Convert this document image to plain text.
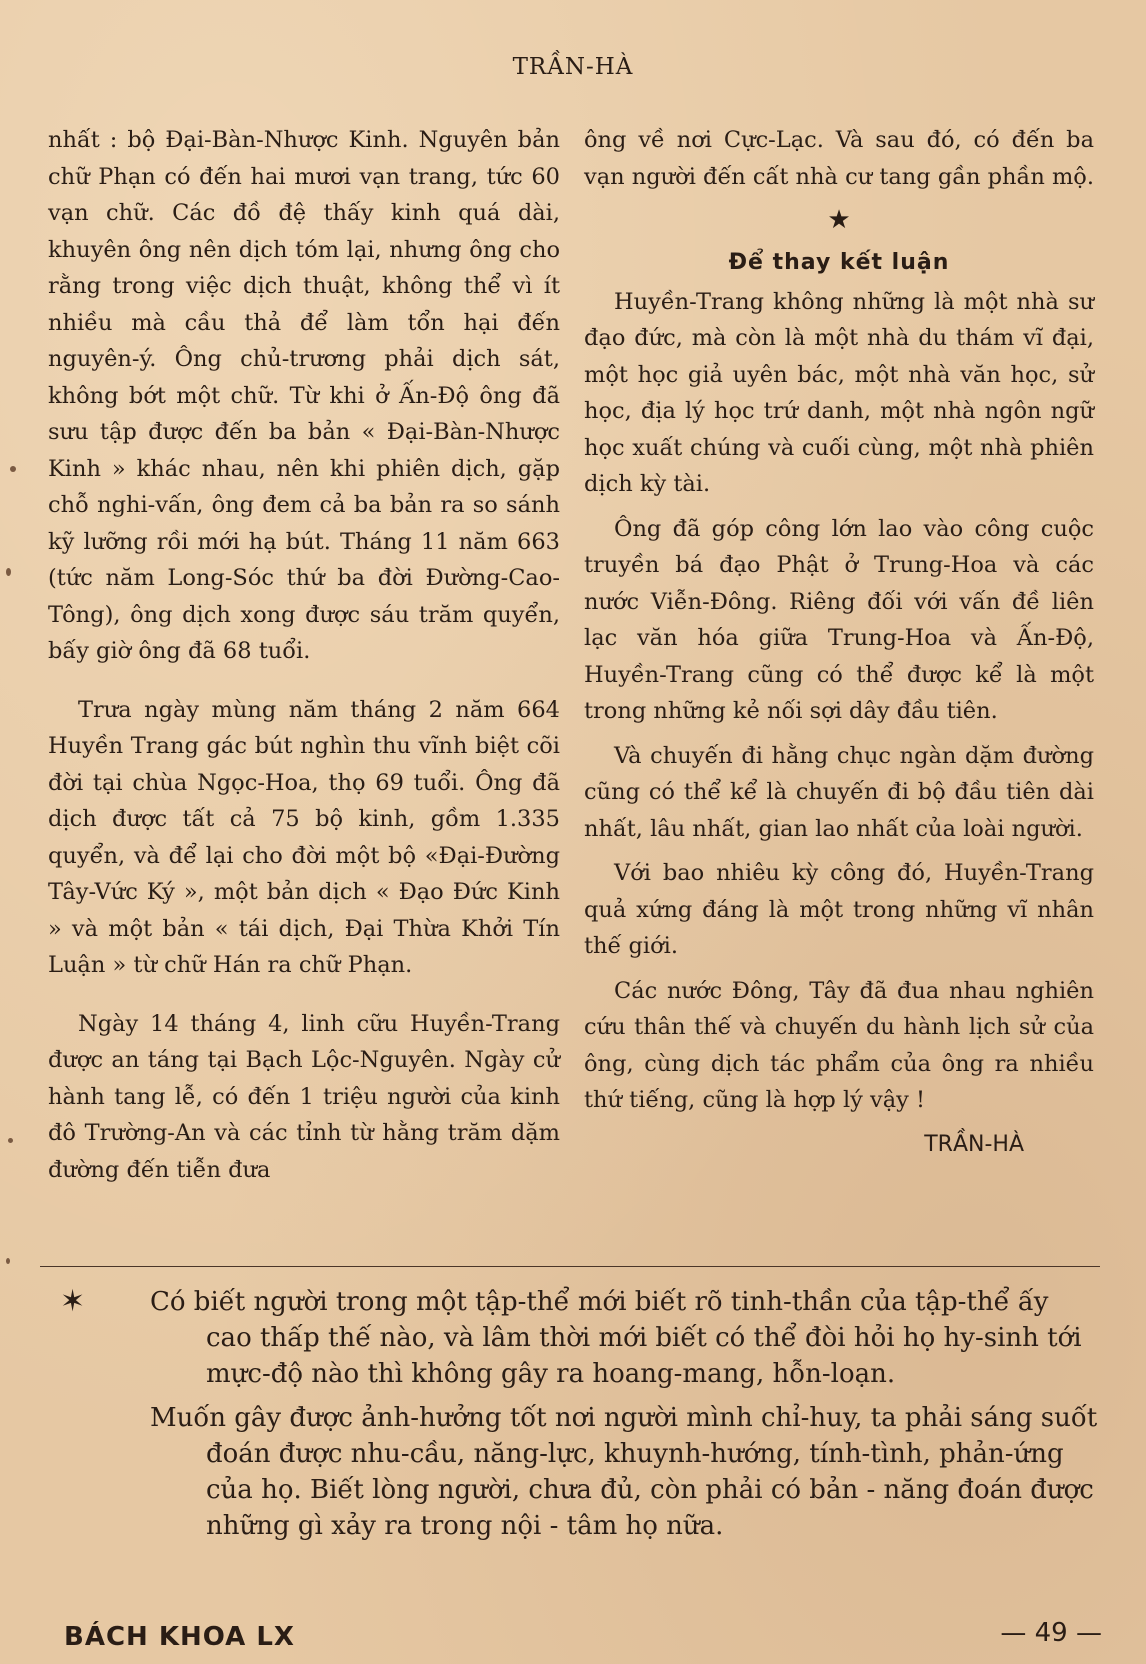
TRẦN-HÀ

nhất : bộ Đại-Bàn-Nhược Kinh. Nguyên bản chữ Phạn có đến hai mươi vạn trang, tức 60 vạn chữ. Các đồ đệ thấy kinh quá dài, khuyên ông nên dịch tóm lại, nhưng ông cho rằng trong việc dịch thuật, không thể vì ít nhiều mà cầu thả để làm tổn hại đến nguyên-ý. Ông chủ-trương phải dịch sát, không bớt một chữ. Từ khi ở Ấn-Độ ông đã sưu tập được đến ba bản « Đại-Bàn-Nhược Kinh » khác nhau, nên khi phiên dịch, gặp chỗ nghi-vấn, ông đem cả ba bản ra so sánh kỹ lưỡng rồi mới hạ bút. Tháng 11 năm 663 (tức năm Long-Sóc thứ ba đời Đường-Cao-Tông), ông dịch xong được sáu trăm quyển, bấy giờ ông đã 68 tuổi.

Trưa ngày mùng năm tháng 2 năm 664 Huyền Trang gác bút nghìn thu vĩnh biệt cõi đời tại chùa Ngọc-Hoa, thọ 69 tuổi. Ông đã dịch được tất cả 75 bộ kinh, gồm 1.335 quyển, và để lại cho đời một bộ «Đại-Đường Tây-Vức Ký », một bản dịch « Đạo Đức Kinh » và một bản « tái dịch, Đại Thừa Khởi Tín Luận » từ chữ Hán ra chữ Phạn.

Ngày 14 tháng 4, linh cữu Huyền-Trang được an táng tại Bạch Lộc-Nguyên. Ngày cử hành tang lễ, có đến 1 triệu người của kinh đô Trường-An và các tỉnh từ hằng trăm dặm đường đến tiễn đưa

ông về nơi Cực-Lạc. Và sau đó, có đến ba vạn người đến cất nhà cư tang gần phần mộ.

★

Để thay kết luận

Huyền-Trang không những là một nhà sư đạo đức, mà còn là một nhà du thám vĩ đại, một học giả uyên bác, một nhà văn học, sử học, địa lý học trứ danh, một nhà ngôn ngữ học xuất chúng và cuối cùng, một nhà phiên dịch kỳ tài.

Ông đã góp công lớn lao vào công cuộc truyền bá đạo Phật ở Trung-Hoa và các nước Viễn-Đông. Riêng đối với vấn đề liên lạc văn hóa giữa Trung-Hoa và Ấn-Độ, Huyền-Trang cũng có thể được kể là một trong những kẻ nối sợi dây đầu tiên.

Và chuyến đi hằng chục ngàn dặm đường cũng có thể kể là chuyến đi bộ đầu tiên dài nhất, lâu nhất, gian lao nhất của loài người.

Với bao nhiêu kỳ công đó, Huyền-Trang quả xứng đáng là một trong những vĩ nhân thế giới.

Các nước Đông, Tây đã đua nhau nghiên cứu thân thế và chuyến du hành lịch sử của ông, cùng dịch tác phẩm của ông ra nhiều thứ tiếng, cũng là hợp lý vậy !

TRẦN-HÀ

✶ Có biết người trong một tập-thể mới biết rõ tinh-thần của tập-thể ấy cao thấp thế nào, và lâm thời mới biết có thể đòi hỏi họ hy-sinh tới mực-độ nào thì không gây ra hoang-mang, hỗn-loạn.
Muốn gây được ảnh-hưởng tốt nơi người mình chỉ-huy, ta phải sáng suốt đoán được nhu-cầu, năng-lực, khuynh-hướng, tính-tình, phản-ứng của họ. Biết lòng người, chưa đủ, còn phải có bản - năng đoán được những gì xảy ra trong nội - tâm họ nữa.
BÁCH KHOA LX	— 49 —
